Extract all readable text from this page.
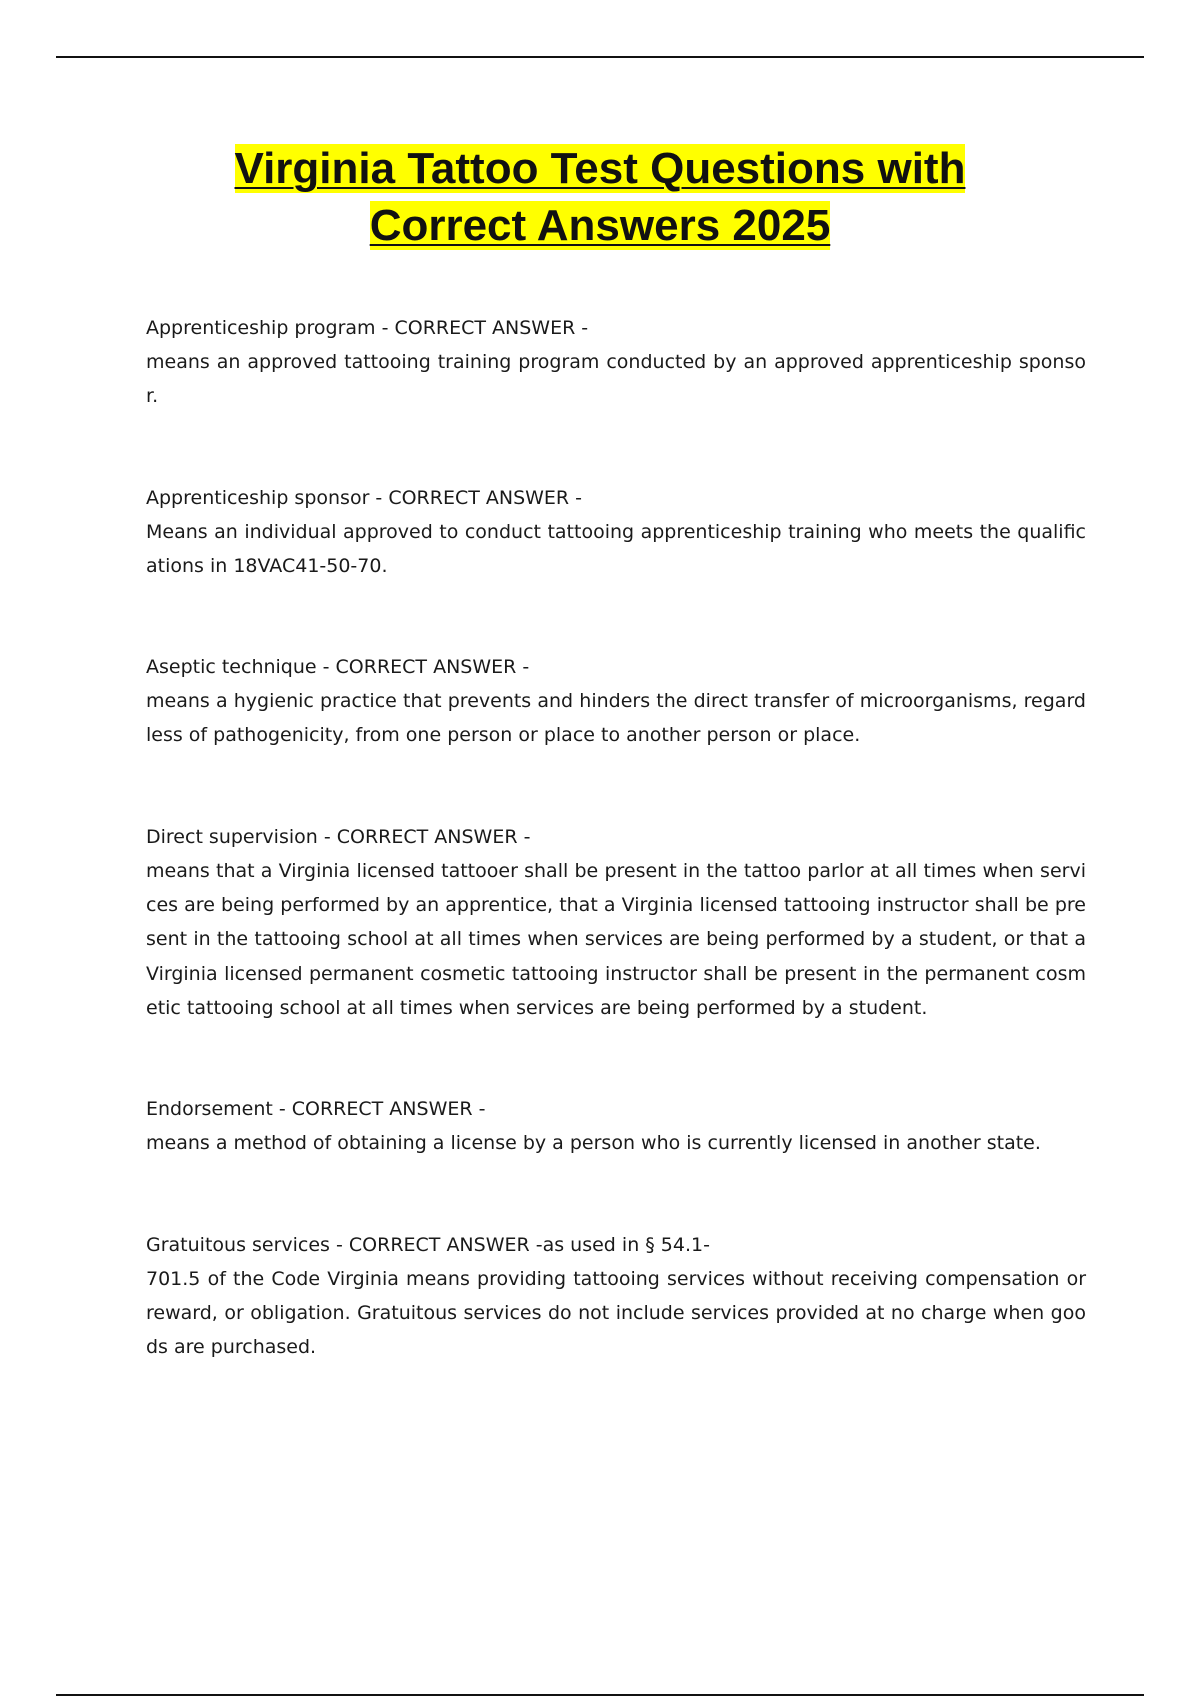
Virginia Tattoo Test Questions with
Correct Answers 2025
Apprenticeship program - CORRECT ANSWER -
means an approved tattooing training program conducted by an approved apprenticeship sponsor.
Apprenticeship sponsor - CORRECT ANSWER -
Means an individual approved to conduct tattooing apprenticeship training who meets the qualifications in 18VAC41-50-70.
Aseptic technique - CORRECT ANSWER -
means a hygienic practice that prevents and hinders the direct transfer of microorganisms, regardless of pathogenicity, from one person or place to another person or place.
Direct supervision - CORRECT ANSWER -
means that a Virginia licensed tattooer shall be present in the tattoo parlor at all times when services are being performed by an apprentice, that a Virginia licensed tattooing instructor shall be present in the tattooing school at all times when services are being performed by a student, or that a Virginia licensed permanent cosmetic tattooing instructor shall be present in the permanent cosmetic tattooing school at all times when services are being performed by a student.
Endorsement - CORRECT ANSWER -
means a method of obtaining a license by a person who is currently licensed in another state.
Gratuitous services - CORRECT ANSWER -as used in § 54.1-
701.5 of the Code Virginia means providing tattooing services without receiving compensation or reward, or obligation. Gratuitous services do not include services provided at no charge when goods are purchased.
